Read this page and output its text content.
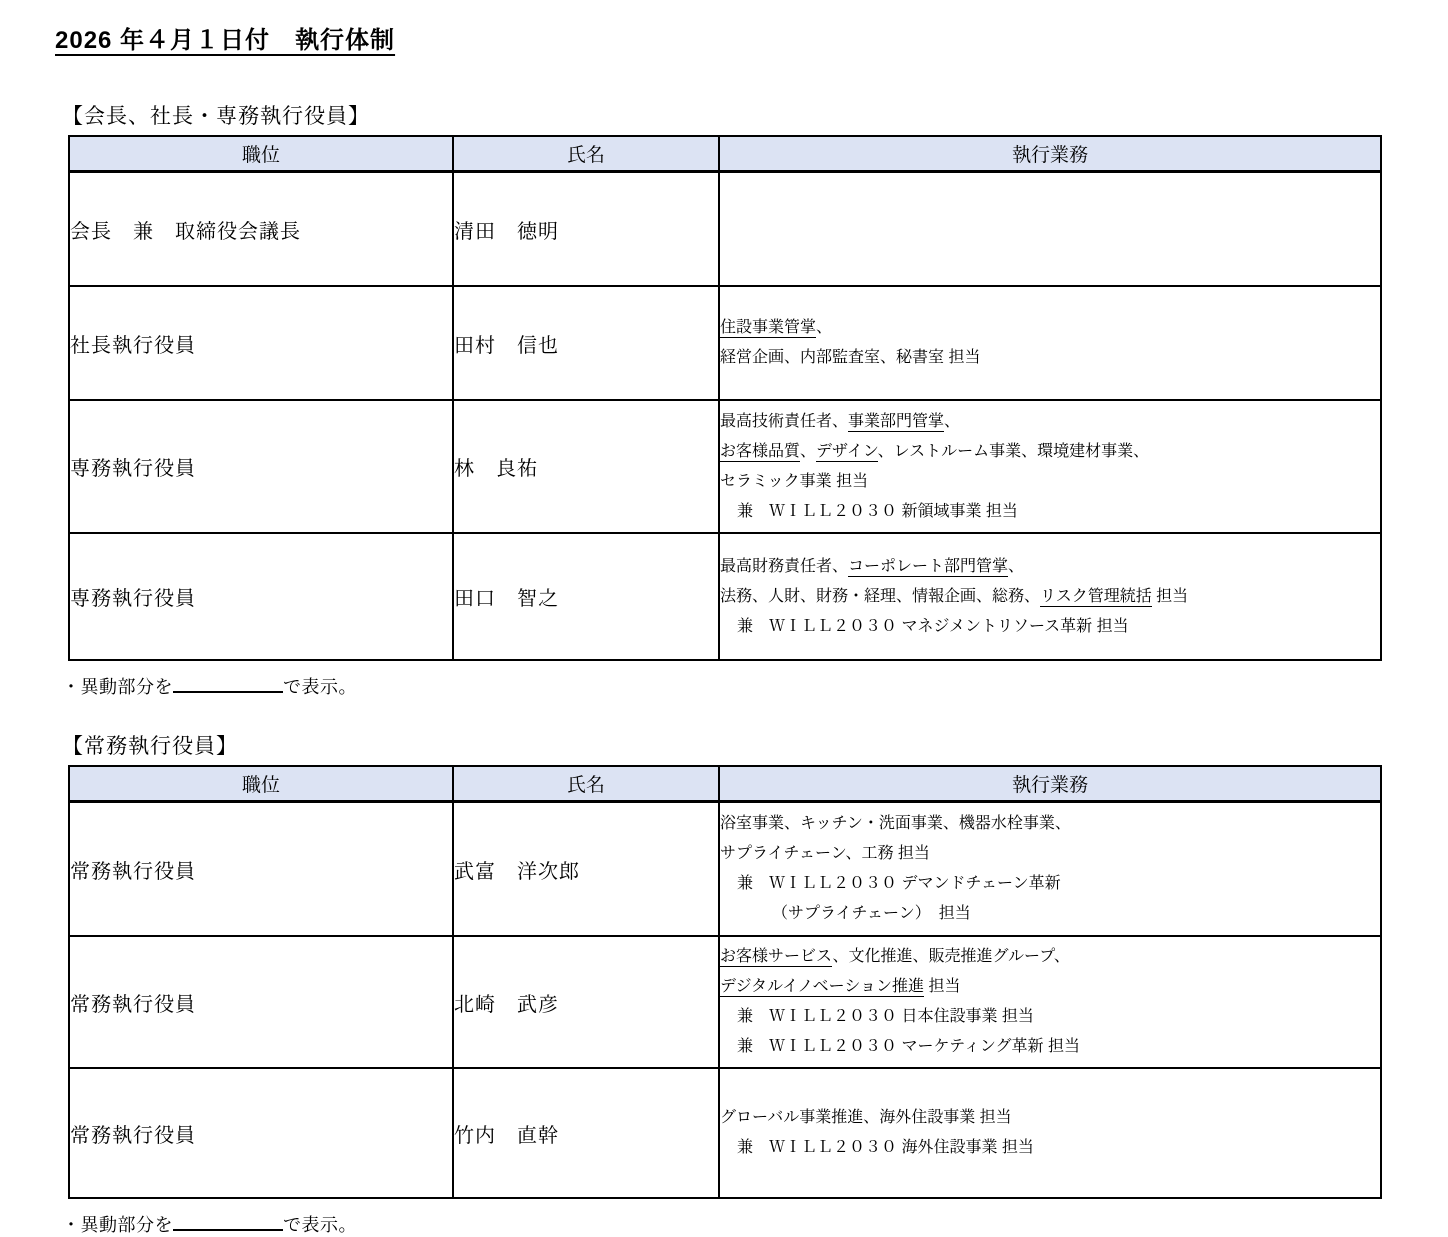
2026 年４月１日付　執行体制
【会長、社長・専務執行役員】
職位	氏名	執行業務
会長　兼　取締役会議長	清田　徳明	
社長執行役員	田村　信也	住設事業管掌、
経営企画、内部監査室、秘書室 担当

専務執行役員	林　良祐	最高技術責任者、事業部門管掌、
お客様品質、デザイン、レストルーム事業、環境建材事業、
セラミック事業 担当
兼　ＷＩＬＬ２０３０ 新領域事業 担当

専務執行役員	田口　智之	最高財務責任者、コーポレート部門管掌、
法務、人財、財務・経理、情報企画、総務、リスク管理統括 担当
兼　ＷＩＬＬ２０３０ マネジメントリソース革新 担当

・異動部分を	で表示。

【常務執行役員】
職位	氏名	執行業務
常務執行役員	武富　洋次郎	浴室事業、キッチン・洗面事業、機器水栓事業、
サプライチェーン、工務 担当
兼　ＷＩＬＬ２０３０ デマンドチェーン革新
（サプライチェーン）　担当

常務執行役員	北崎　武彦	お客様サービス、文化推進、販売推進グループ、
デジタルイノベーション推進 担当
兼　ＷＩＬＬ２０３０ 日本住設事業 担当
兼　ＷＩＬＬ２０３０ マーケティング革新 担当

常務執行役員	竹内　直幹	グローバル事業推進、海外住設事業 担当
兼　ＷＩＬＬ２０３０ 海外住設事業 担当

・異動部分を	で表示。
